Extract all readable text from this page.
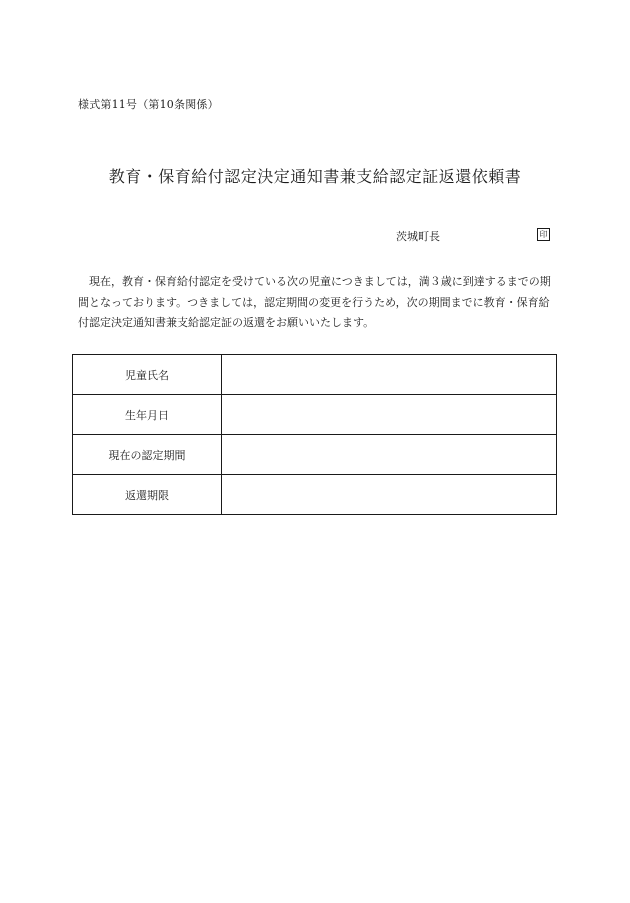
様式第11号（第10条関係）
教育・保育給付認定決定通知書兼支給認定証返還依頼書
茨城町長	印

現在，教育・保育給付認定を受けている次の児童につきましては，満３歳に到達するまでの期間となっております。つきましては，認定期間の変更を行うため，次の期間までに教育・保育給付認定決定通知書兼支給認定証の返還をお願いいたします。

児童氏名	
生年月日	
現在の認定期間	
返還期限	
